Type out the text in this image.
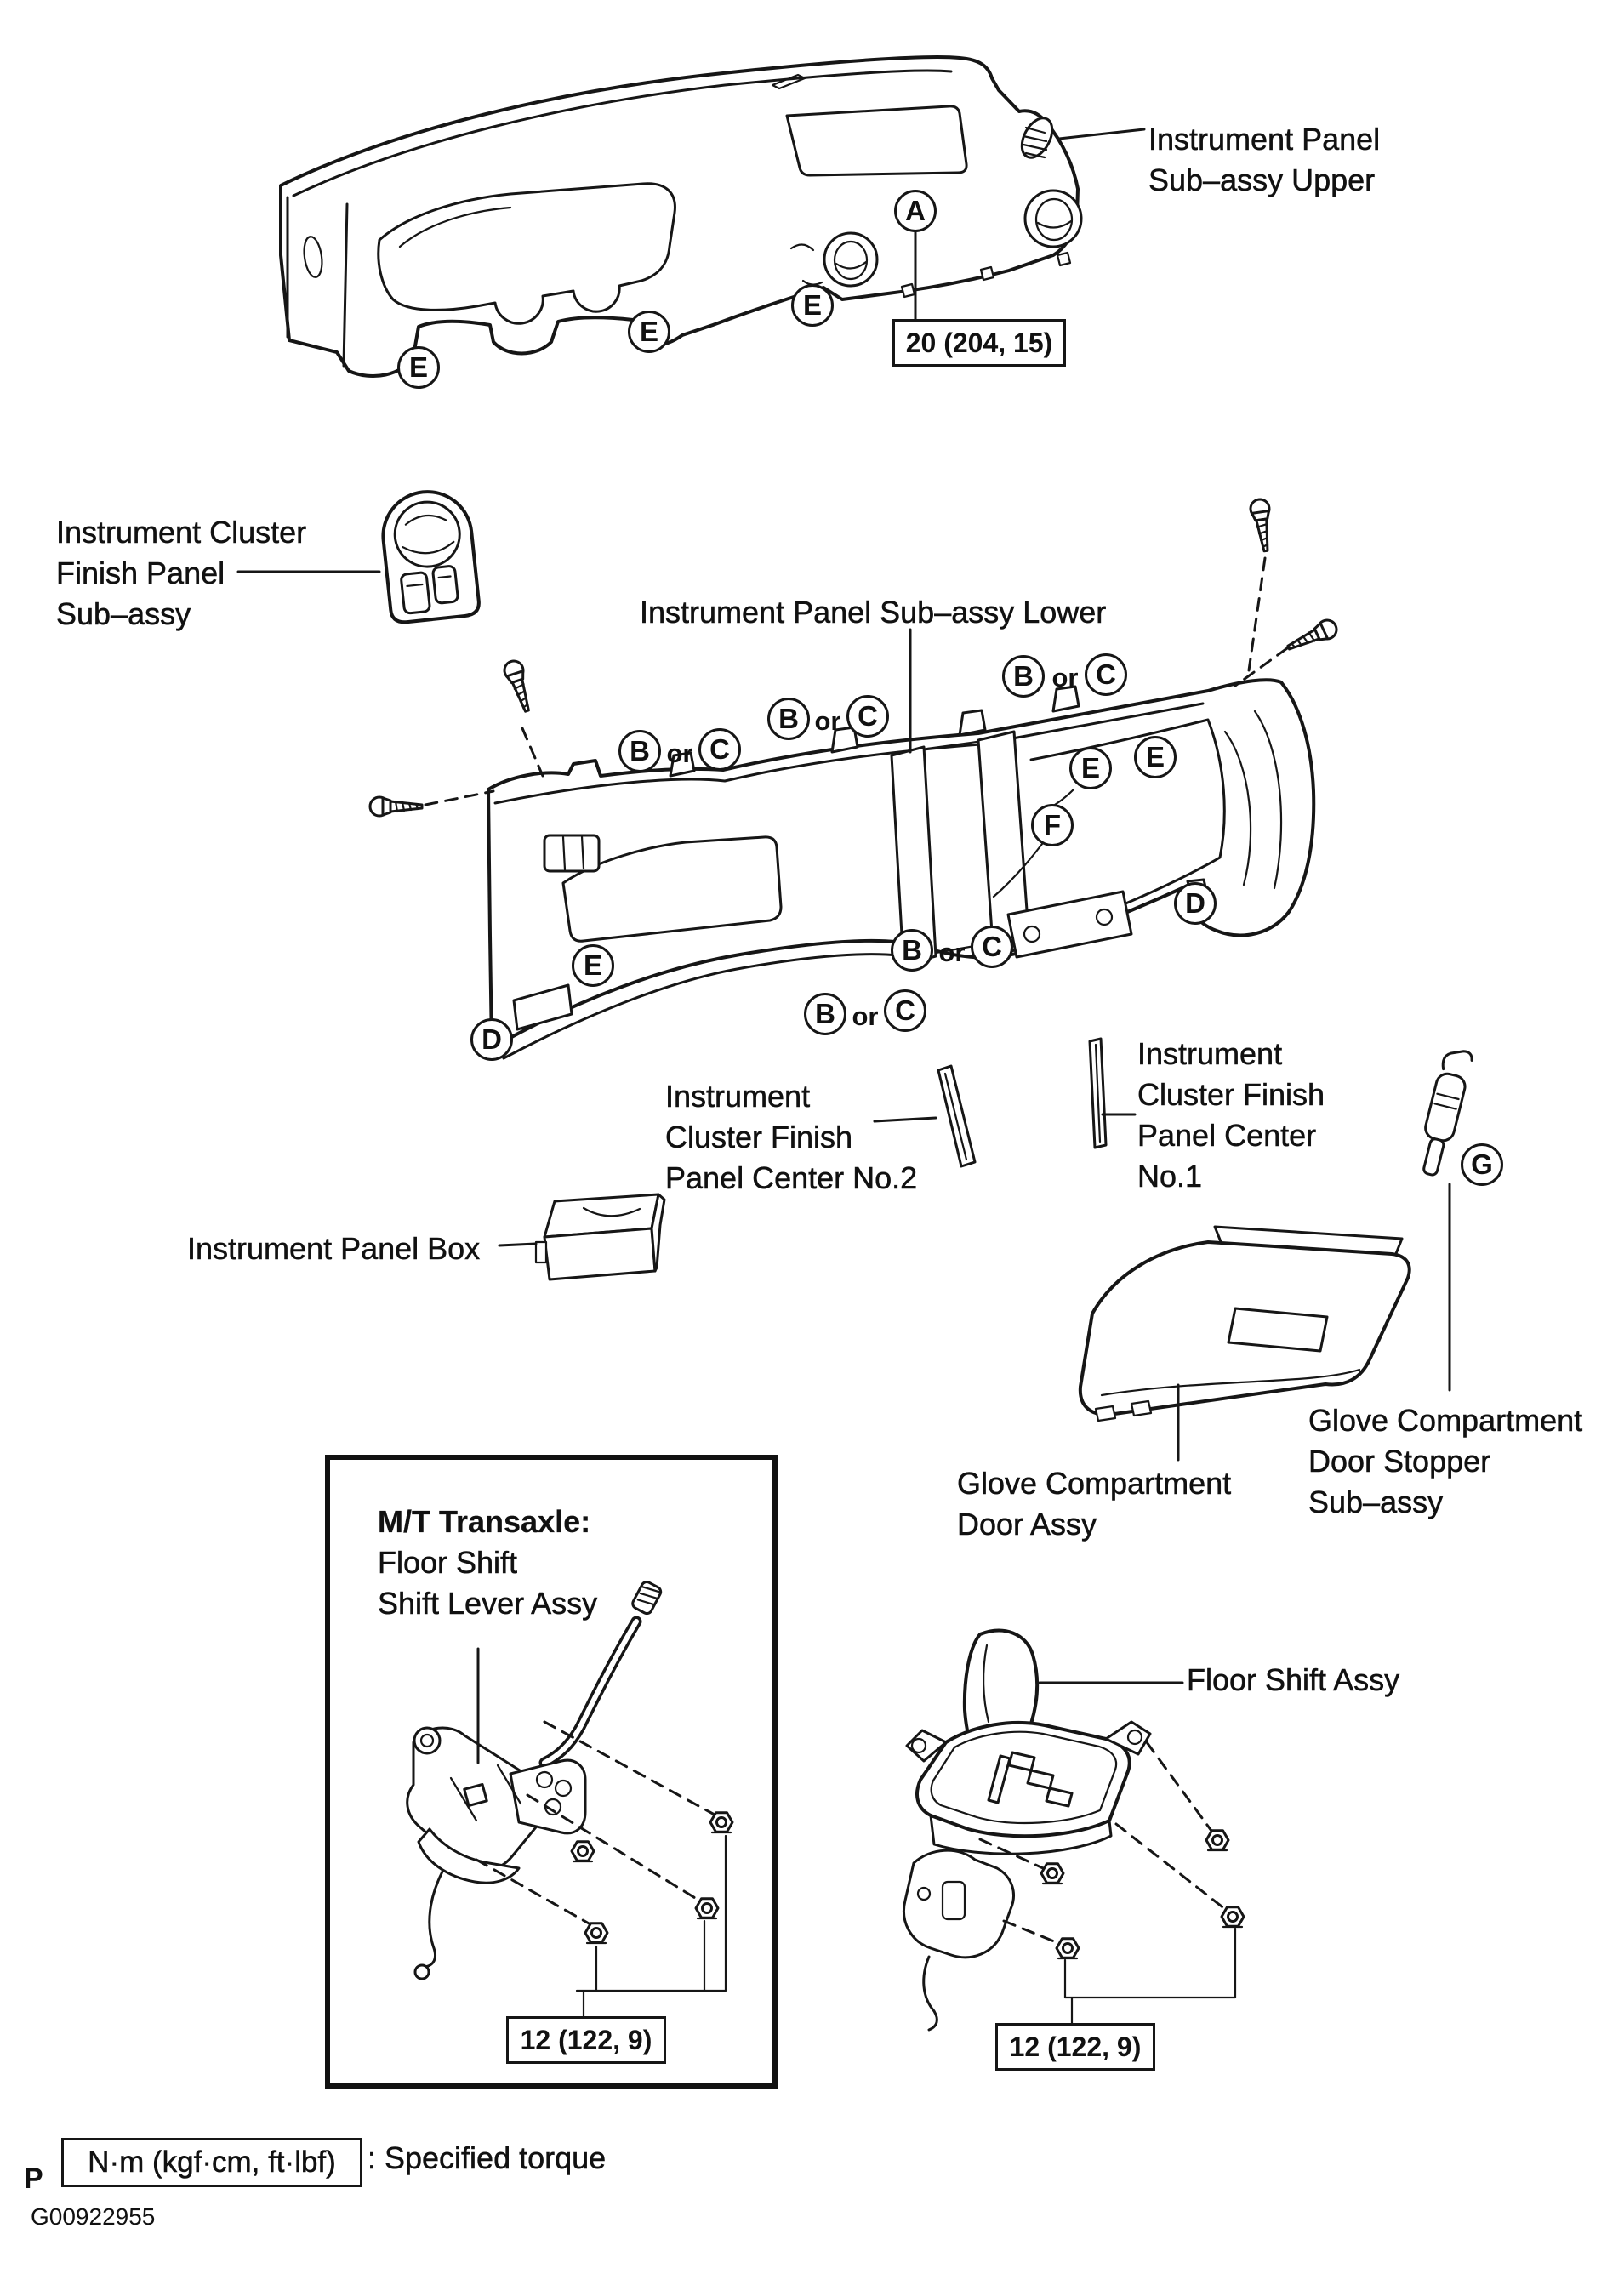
Instrument Panel
Sub–assy Upper
Instrument Cluster
Finish Panel
Sub–assy	Instrument Panel Sub–assy Lower
Instrument
Cluster Finish
Panel Center No.2
Instrument
Cluster Finish
Panel Center
No.1
Instrument Panel Box
Glove Compartment
Door Assy
Glove Compartment
Door Stopper
Sub–assy
M/T Transaxle:
Floor Shift
Shift Lever Assy
Floor Shift Assy
20 (204, 15)
12 (122, 9)	12 (122, 9)
A
E
E
E
B or C
B or C
B or C
B or C
B or C
E	E
F
D
E
D
G
N·m (kgf·cm, ft·lbf)	: Specified torque
P
G00922955
